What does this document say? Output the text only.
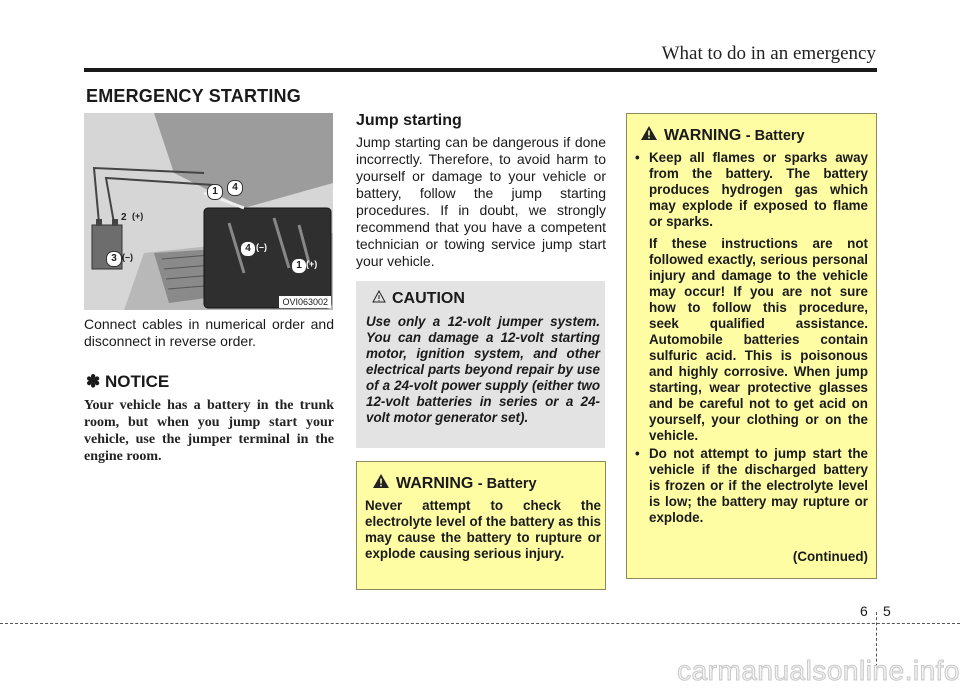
What to do in an emergency
EMERGENCY STARTING
1
2
3
4
4
1
(+)
(–)
(–)
(+)
OVI063002
Connect cables in numerical order and disconnect in reverse order.
✽ NOTICE
Your vehicle has a battery in the trunk room, but when you jump start your vehicle, use the jumper terminal in the engine room.
Jump starting
Jump starting can be dangerous if done incorrectly. Therefore, to avoid harm to yourself or damage to your vehicle or battery, follow the jump starting procedures. If in doubt, we strongly recommend that you have a competent technician or towing service jump start your vehicle.
CAUTION
Use only a 12-volt jumper system. You can damage a 12-volt starting motor, ignition system, and other electrical parts beyond repair by use of a 24-volt power supply (either two 12-volt batteries in series or a 24-volt motor generator set).
WARNING
- Battery
Never attempt to check the electrolyte level of the battery as this may cause the battery to rupture or explode causing serious injury.
WARNING
- Battery
• Keep all flames or sparks away from the battery. The battery produces hydrogen gas which may explode if exposed to flame or sparks.

If these instructions are not followed exactly, serious personal injury and damage to the vehicle may occur! If you are not sure how to follow this procedure, seek qualified assistance. Automobile batteries contain sulfuric acid. This is poisonous and highly corrosive. When jump starting, wear protective glasses and be careful not to get acid on yourself, your clothing or on the vehicle.

• Do not attempt to jump start the vehicle if the discharged battery is frozen or if the electrolyte level is low; the battery may rupture or explode.

(Continued)
6 5
carmanualsonline.info
